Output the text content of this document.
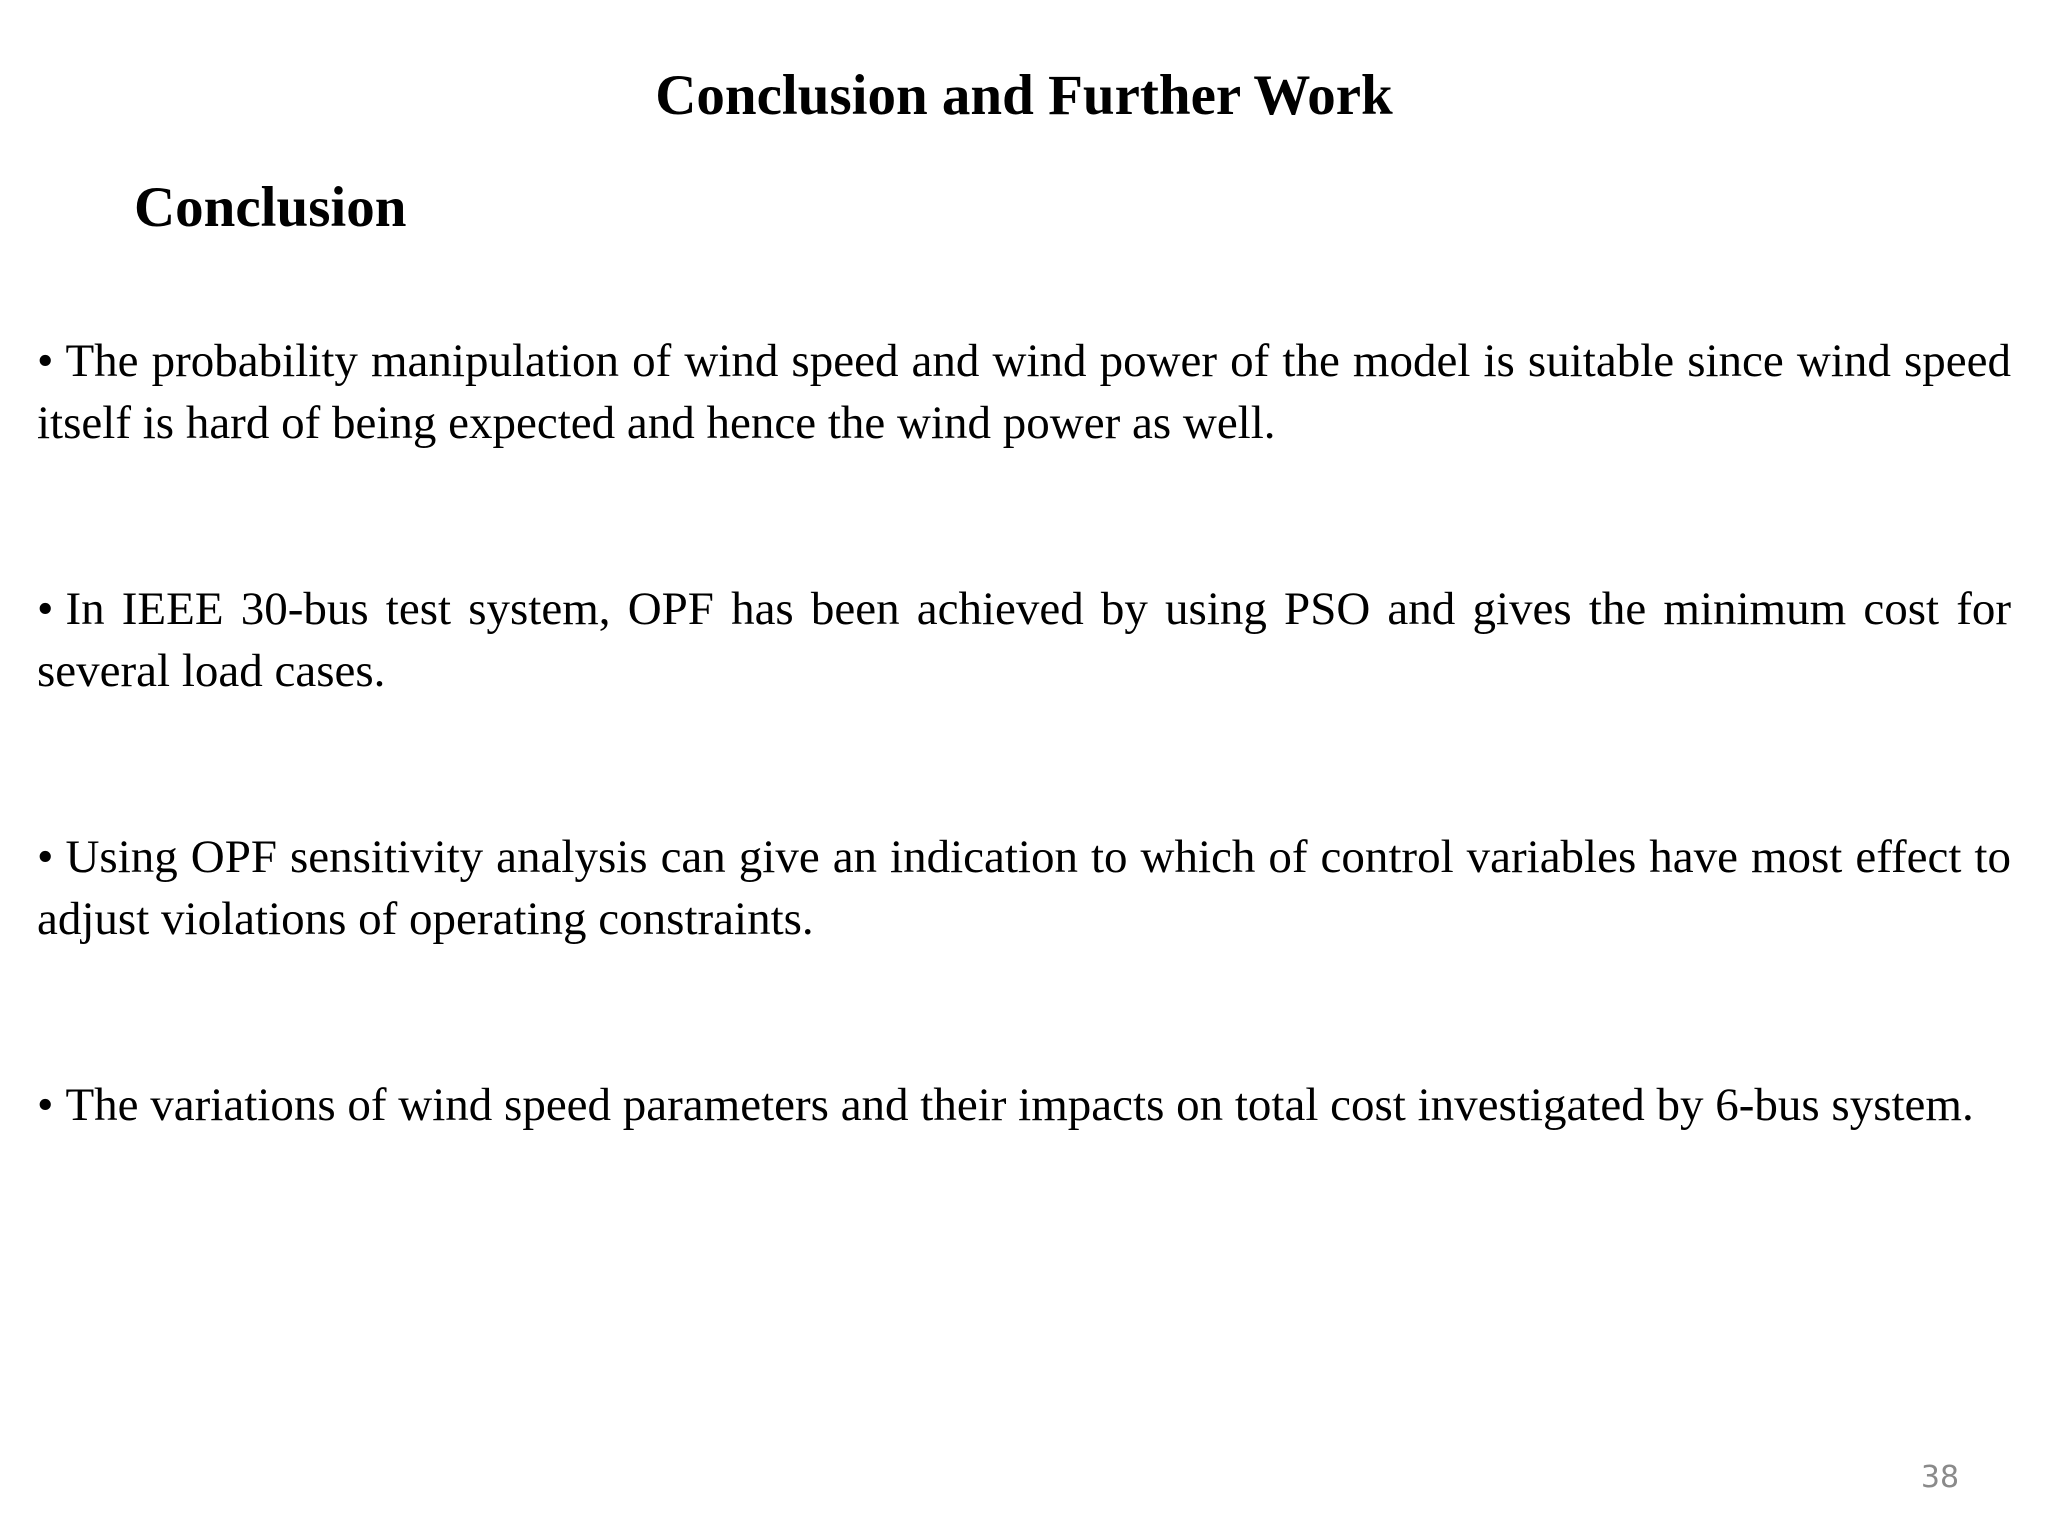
Conclusion and Further Work
Conclusion
• The probability manipulation of wind speed and wind power of the model is suitable since wind speed itself is hard of being expected and hence the wind power as well.
• In IEEE 30-bus test system, OPF has been achieved by using PSO and gives the minimum cost for several load cases.
• Using OPF sensitivity analysis can give an indication to which of control variables have most effect to adjust violations of operating constraints.
• The variations of wind speed parameters and their impacts on total cost investigated by 6-bus system.
38
